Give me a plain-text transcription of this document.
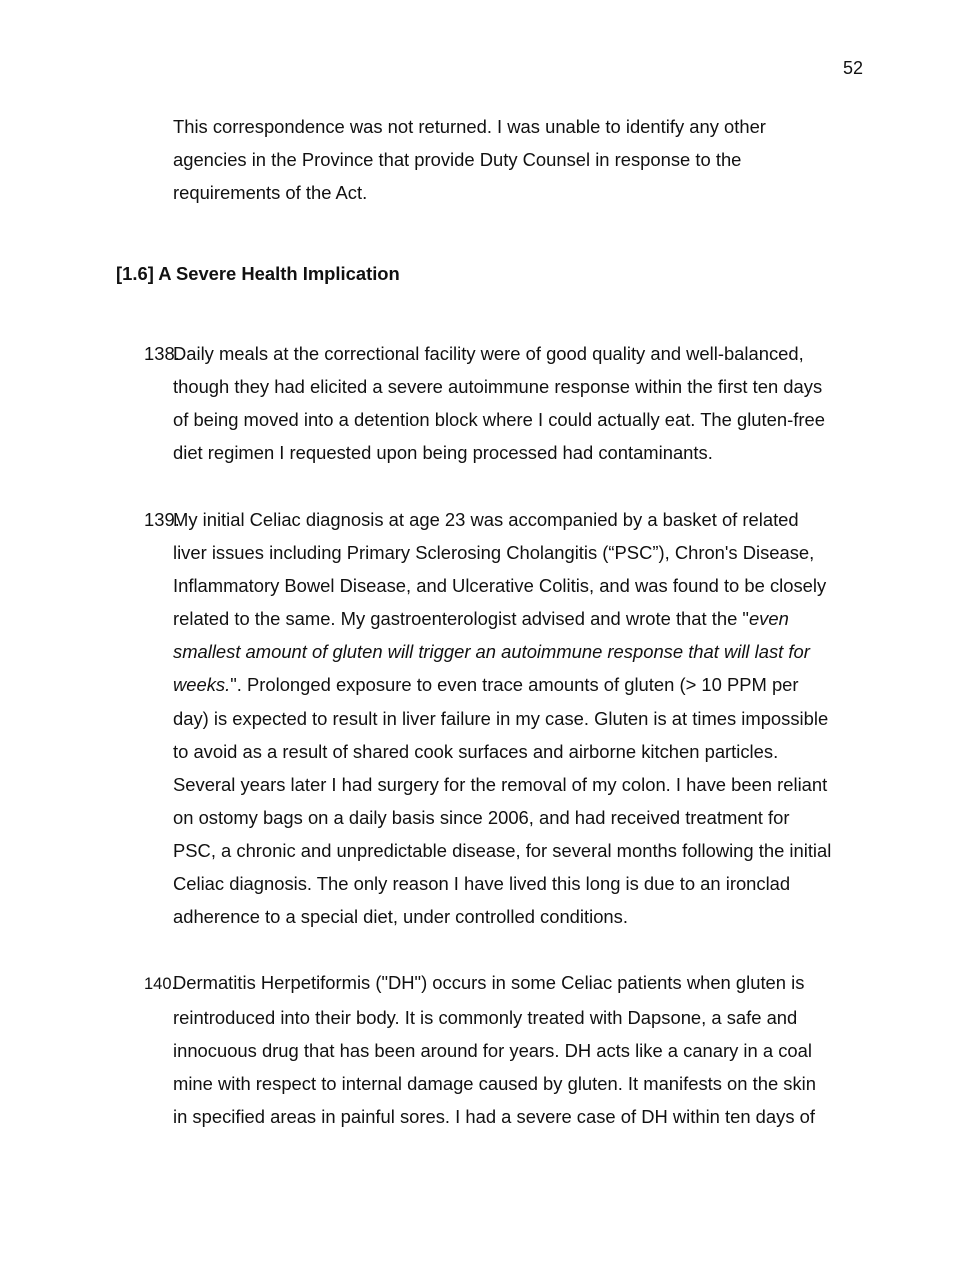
52
This correspondence was not returned. I was unable to identify any other
agencies in the Province that provide Duty Counsel in response to the
requirements of the Act.
[1.6] A Severe Health Implication
138.Daily meals at the correctional facility were of good quality and well-balanced,
though they had elicited a severe autoimmune response within the first ten days
of being moved into a detention block where I could actually eat. The gluten-free
diet regimen I requested upon being processed had contaminants.
139.My initial Celiac diagnosis at age 23 was accompanied by a basket of related
liver issues including Primary Sclerosing Cholangitis (“PSC”), Chron's Disease,
Inflammatory Bowel Disease, and Ulcerative Colitis, and was found to be closely
related to the same. My gastroenterologist advised and wrote that the "even
smallest amount of gluten will trigger an autoimmune response that will last for
weeks.". Prolonged exposure to even trace amounts of gluten (> 10 PPM per
day) is expected to result in liver failure in my case. Gluten is at times impossible
to avoid as a result of shared cook surfaces and airborne kitchen particles.
Several years later I had surgery for the removal of my colon. I have been reliant
on ostomy bags on a daily basis since 2006, and had received treatment for
PSC, a chronic and unpredictable disease, for several months following the initial
Celiac diagnosis. The only reason I have lived this long is due to an ironclad
adherence to a special diet, under controlled conditions.
140.Dermatitis Herpetiformis ("DH") occurs in some Celiac patients when gluten is
reintroduced into their body. It is commonly treated with Dapsone, a safe and
innocuous drug that has been around for years. DH acts like a canary in a coal
mine with respect to internal damage caused by gluten. It manifests on the skin
in specified areas in painful sores. I had a severe case of DH within ten days of
